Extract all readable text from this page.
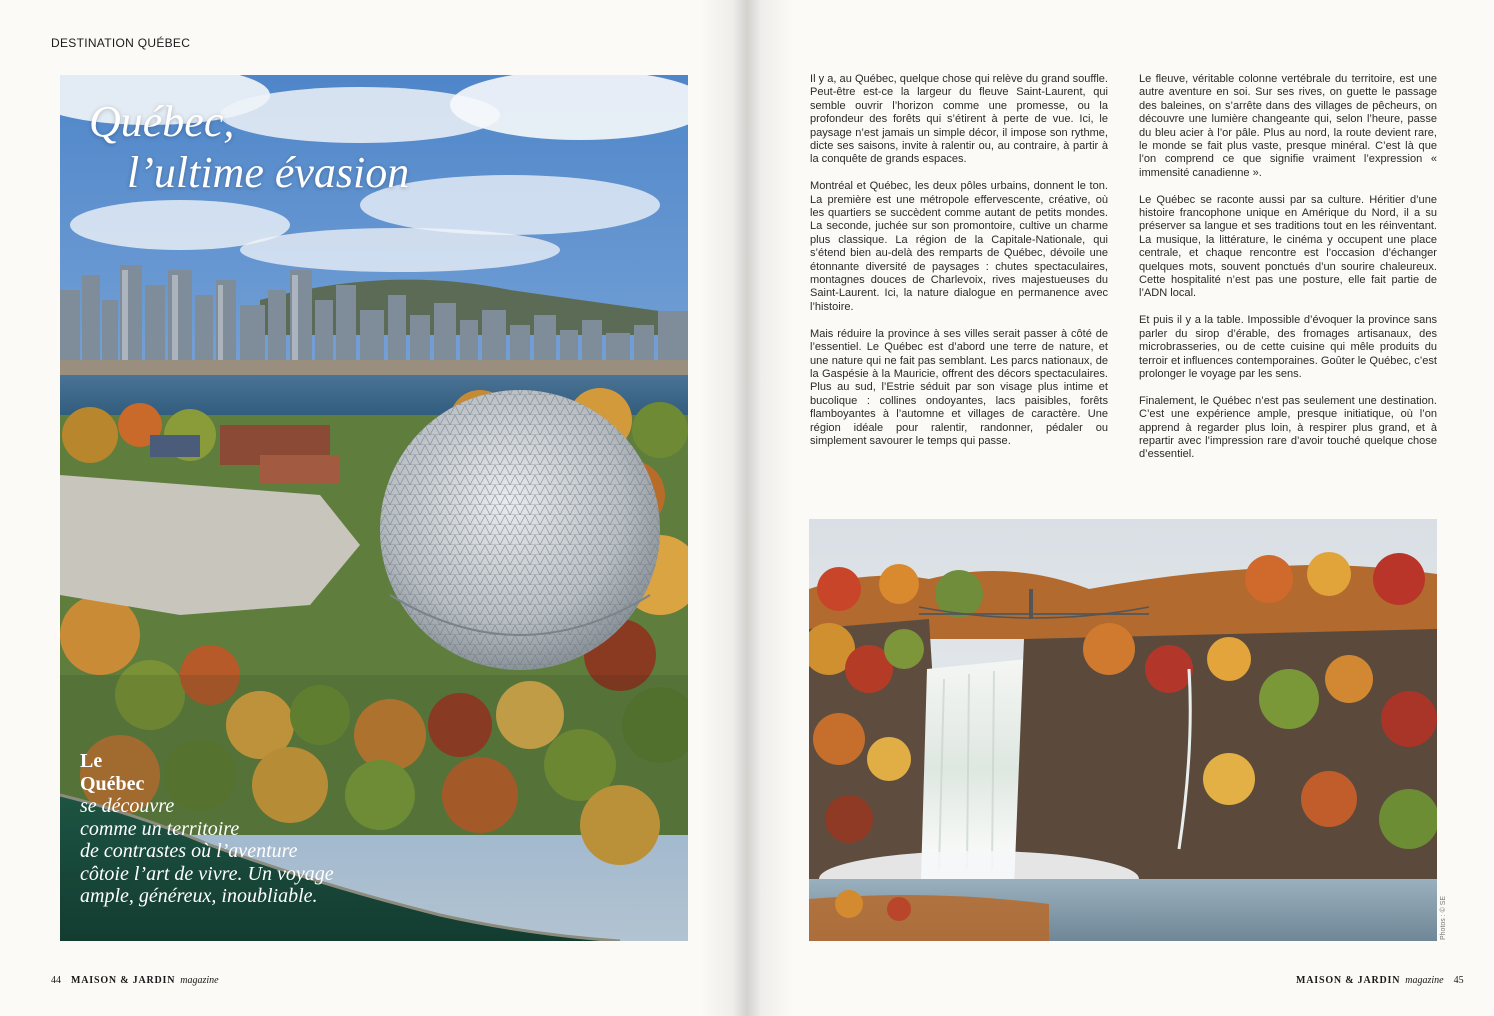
DESTINATION QUÉBEC
Québec,
l’ultime évasion
Le
Québec
se découvre
comme un territoire
de contrastes où l’aventure
côtoie l’art de vivre. Un voyage
ample, généreux, inoubliable.
44 MAISON & JARDIN magazine

Il y a, au Québec, quelque chose qui relève du grand souffle. Peut-être est-ce la largeur du fleuve Saint-Laurent, qui semble ouvrir l’horizon comme une promesse, ou la profondeur des forêts qui s’étirent à perte de vue. Ici, le paysage n’est jamais un simple décor, il impose son rythme, dicte ses saisons, invite à ralentir ou, au contraire, à partir à la conquête de grands espaces.

Montréal et Québec, les deux pôles urbains, donnent le ton. La première est une métropole effervescente, créative, où les quartiers se succèdent comme autant de petits mondes. La seconde, juchée sur son promontoire, cultive un charme plus classique. La région de la Capitale-Nationale, qui s’étend bien au-delà des remparts de Québec, dévoile une étonnante diversité de paysages : chutes spectaculaires, montagnes douces de Charlevoix, rives majestueuses du Saint-Laurent. Ici, la nature dialogue en permanence avec l’histoire.

Mais réduire la province à ses villes serait passer à côté de l’essentiel. Le Québec est d’abord une terre de nature, et une nature qui ne fait pas semblant. Les parcs nationaux, de la Gaspésie à la Mauricie, offrent des décors spectaculaires. Plus au sud, l’Estrie séduit par son visage plus intime et bucolique : collines ondoyantes, lacs paisibles, forêts flamboyantes à l’automne et villages de caractère. Une région idéale pour ralentir, randonner, pédaler ou simplement savourer le temps qui passe.

Le fleuve, véritable colonne vertébrale du territoire, est une autre aventure en soi. Sur ses rives, on guette le passage des baleines, on s’arrête dans des villages de pêcheurs, on découvre une lumière changeante qui, selon l’heure, passe du bleu acier à l’or pâle. Plus au nord, la route devient rare, le monde se fait plus vaste, presque minéral. C’est là que l’on comprend ce que signifie vraiment l’expression « immensité canadienne ».

Le Québec se raconte aussi par sa culture. Héritier d’une histoire francophone unique en Amérique du Nord, il a su préserver sa langue et ses traditions tout en les réinventant. La musique, la littérature, le cinéma y occupent une place centrale, et chaque rencontre est l’occasion d’échanger quelques mots, souvent ponctués d’un sourire chaleureux. Cette hospitalité n’est pas une posture, elle fait partie de l’ADN local.

Et puis il y a la table. Impossible d’évoquer la province sans parler du sirop d’érable, des fromages artisanaux, des microbrasseries, ou de cette cuisine qui mêle produits du terroir et influences contemporaines. Goûter le Québec, c’est prolonger le voyage par les sens.

Finalement, le Québec n’est pas seulement une destination. C’est une expérience ample, presque initiatique, où l’on apprend à regarder plus loin, à respirer plus grand, et à repartir avec l’impression rare d’avoir touché quelque chose d’essentiel.

Photos : © SE
MAISON & JARDIN magazine 45
